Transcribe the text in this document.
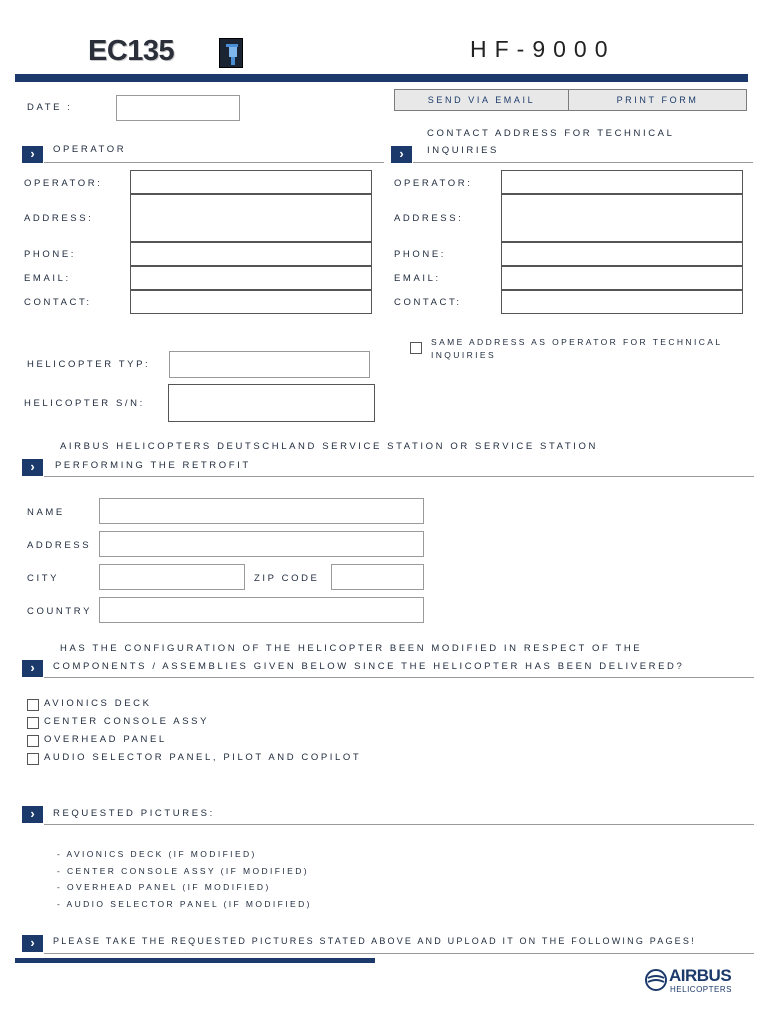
EC135	HF-9000
SEND VIA EMAIL	PRINT FORM
DATE :
›	OPERATOR	›
CONTACT ADDRESS FOR TECHNICAL
INQUIRIES
OPERATOR:
ADDRESS:
PHONE:
EMAIL:
CONTACT:
OPERATOR:
ADDRESS:
PHONE:
EMAIL:
CONTACT:
SAME ADDRESS AS OPERATOR FOR TECHNICAL
INQUIRIES
HELICOPTER TYP:
HELICOPTER S/N:
AIRBUS HELICOPTERS DEUTSCHLAND SERVICE STATION OR SERVICE STATION
›	PERFORMING THE RETROFIT
NAME
ADDRESS
CITY	ZIP CODE
COUNTRY
HAS THE CONFIGURATION OF THE HELICOPTER BEEN MODIFIED IN RESPECT OF THE
›	COMPONENTS / ASSEMBLIES GIVEN BELOW SINCE THE HELICOPTER HAS BEEN DELIVERED?
AVIONICS DECK
CENTER CONSOLE ASSY
OVERHEAD PANEL
AUDIO SELECTOR PANEL, PILOT AND COPILOT
›	REQUESTED PICTURES:
- AVIONICS DECK (IF MODIFIED)
- CENTER CONSOLE ASSY (IF MODIFIED)
- OVERHEAD PANEL (IF MODIFIED)
- AUDIO SELECTOR PANEL (IF MODIFIED)
›	PLEASE TAKE THE REQUESTED PICTURES STATED ABOVE AND UPLOAD IT ON THE FOLLOWING PAGES!
AIRBUS
HELICOPTERS
